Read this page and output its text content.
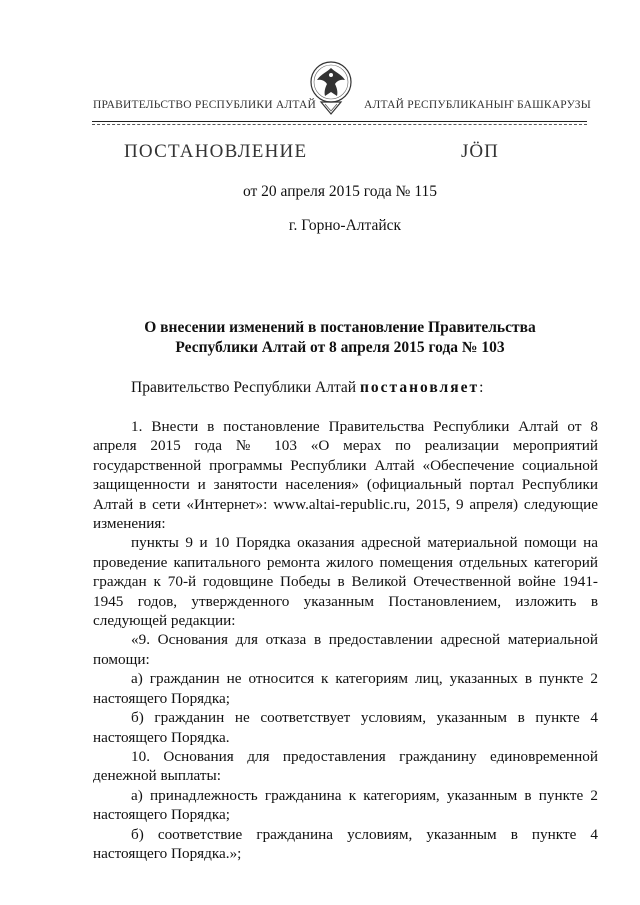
ПРАВИТЕЛЬСТВО РЕСПУБЛИКИ АЛТАЙ	АЛТАЙ РЕСПУБЛИКАНЫҤ БАШКАРУЗЫ
ПОСТАНОВЛЕНИЕ	ЈӦП
от 20 апреля 2015 года № 115
г. Горно-Алтайск
О внесении изменений в постановление Правительства
Республики Алтай от 8 апреля 2015 года № 103
Правительство Республики Алтай постановляет:

1. Внести в постановление Правительства Республики Алтай от 8 апреля 2015 года № 103 «О мерах по реализации мероприятий государственной программы Республики Алтай «Обеспечение социальной защищенности и занятости населения» (официальный портал Республики Алтай в сети «Интернет»: www.altai-republic.ru, 2015, 9 апреля) следующие изменения:

пункты 9 и 10 Порядка оказания адресной материальной помощи на проведение капитального ремонта жилого помещения отдельных категорий граждан к 70-й годовщине Победы в Великой Отечественной войне 1941-1945 годов, утвержденного указанным Постановлением, изложить в следующей редакции:

«9. Основания для отказа в предоставлении адресной материальной помощи:

а) гражданин не относится к категориям лиц, указанных в пункте 2 настоящего Порядка;

б) гражданин не соответствует условиям, указанным в пункте 4 настоящего Порядка.

10. Основания для предоставления гражданину единовременной денежной выплаты:

а) принадлежность гражданина к категориям, указанным в пункте 2 настоящего Порядка;

б) соответствие гражданина условиям, указанным в пункте 4 настоящего Порядка.»;
